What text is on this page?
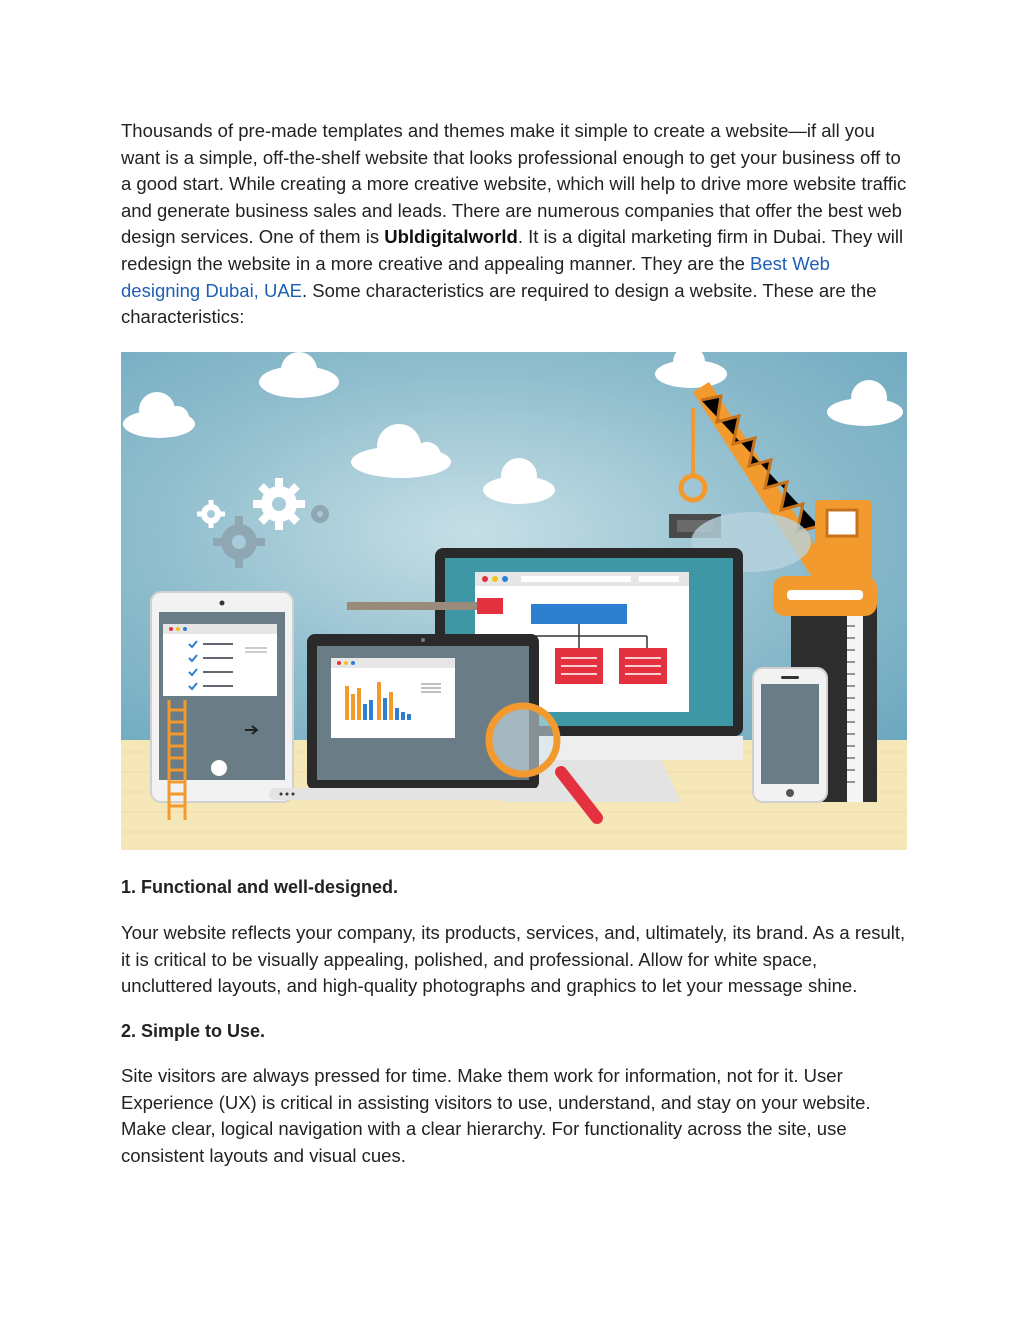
Thousands of pre-made templates and themes make it simple to create a website—if all you want is a simple, off-the-shelf website that looks professional enough to get your business off to a good start. While creating a more creative website, which will help to drive more website traffic and generate business sales and leads. There are numerous companies that offer the best web design services. One of them is Ubldigitalworld. It is a digital marketing firm in Dubai. They will redesign the website in a more creative and appealing manner. They are the Best Web designing Dubai, UAE. Some characteristics are required to design a website. These are the characteristics:

1. Functional and well-designed.

Your website reflects your company, its products, services, and, ultimately, its brand. As a result, it is critical to be visually appealing, polished, and professional. Allow for white space, uncluttered layouts, and high-quality photographs and graphics to let your message shine.

2. Simple to Use.

Site visitors are always pressed for time. Make them work for information, not for it. User Experience (UX) is critical in assisting visitors to use, understand, and stay on your website. Make clear, logical navigation with a clear hierarchy. For functionality across the site, use consistent layouts and visual cues.
